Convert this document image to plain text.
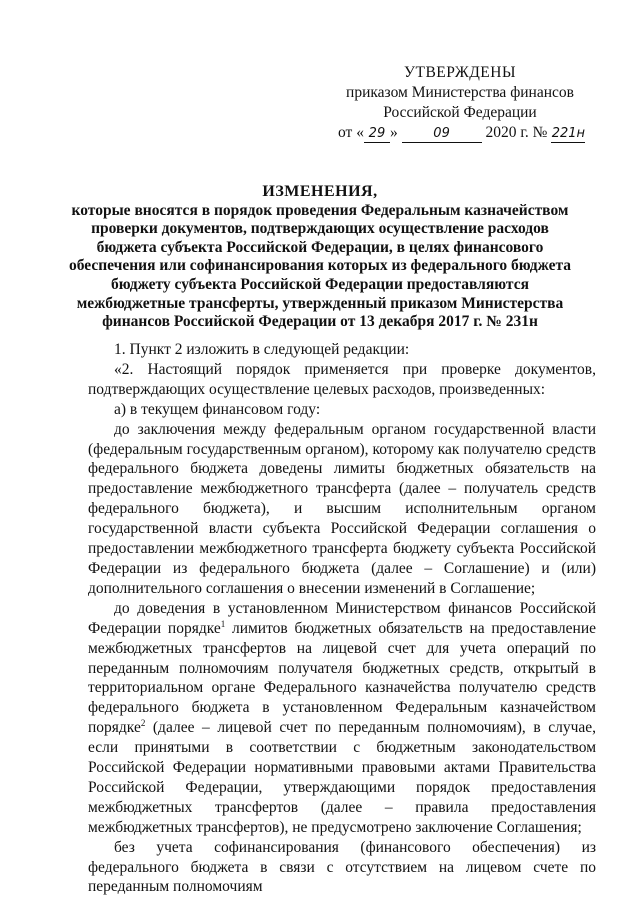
УТВЕРЖДЕНЫ
приказом Министерства финансов
Российской Федерации
от « 29 »	09 2020 г. № 221н
ИЗМЕНЕНИЯ,
которые вносятся в порядок проведения Федеральным казначейством проверки документов, подтверждающих осуществление расходов бюджета субъекта Российской Федерации, в целях финансового обеспечения или софинансирования которых из федерального бюджета бюджету субъекта Российской Федерации предоставляются межбюджетные трансферты, утвержденный приказом Министерства финансов Российской Федерации от 13 декабря 2017 г. № 231н

1. Пункт 2 изложить в следующей редакции:

«2. Настоящий порядок применяется при проверке документов, подтверждающих осуществление целевых расходов, произведенных:

а) в текущем финансовом году:

до заключения между федеральным органом государственной власти (федеральным государственным органом), которому как получателю средств федерального бюджета доведены лимиты бюджетных обязательств на предоставление межбюджетного трансферта (далее – получатель средств федерального бюджета), и высшим исполнительным органом государственной власти субъекта Российской Федерации соглашения о предоставлении межбюджетного трансферта бюджету субъекта Российской Федерации из федерального бюджета (далее – Соглашение) и (или) дополнительного соглашения о внесении изменений в Соглашение;

до доведения в установленном Министерством финансов Российской Федерации порядке$^1$ лимитов бюджетных обязательств на предоставление межбюджетных трансфертов на лицевой счет для учета операций по переданным полномочиям получателя бюджетных средств, открытый в территориальном органе Федерального казначейства получателю средств федерального бюджета в установленном Федеральным казначейством порядке$^2$ (далее – лицевой счет по переданным полномочиям), в случае, если принятыми в соответствии с бюджетным законодательством Российской Федерации нормативными правовыми актами Правительства Российской Федерации, утверждающими порядок предоставления межбюджетных трансфертов (далее – правила предоставления межбюджетных трансфертов), не предусмотрено заключение Соглашения;

без учета софинансирования (финансового обеспечения) из федерального бюджета в связи с отсутствием на лицевом счете по переданным полномочиям
